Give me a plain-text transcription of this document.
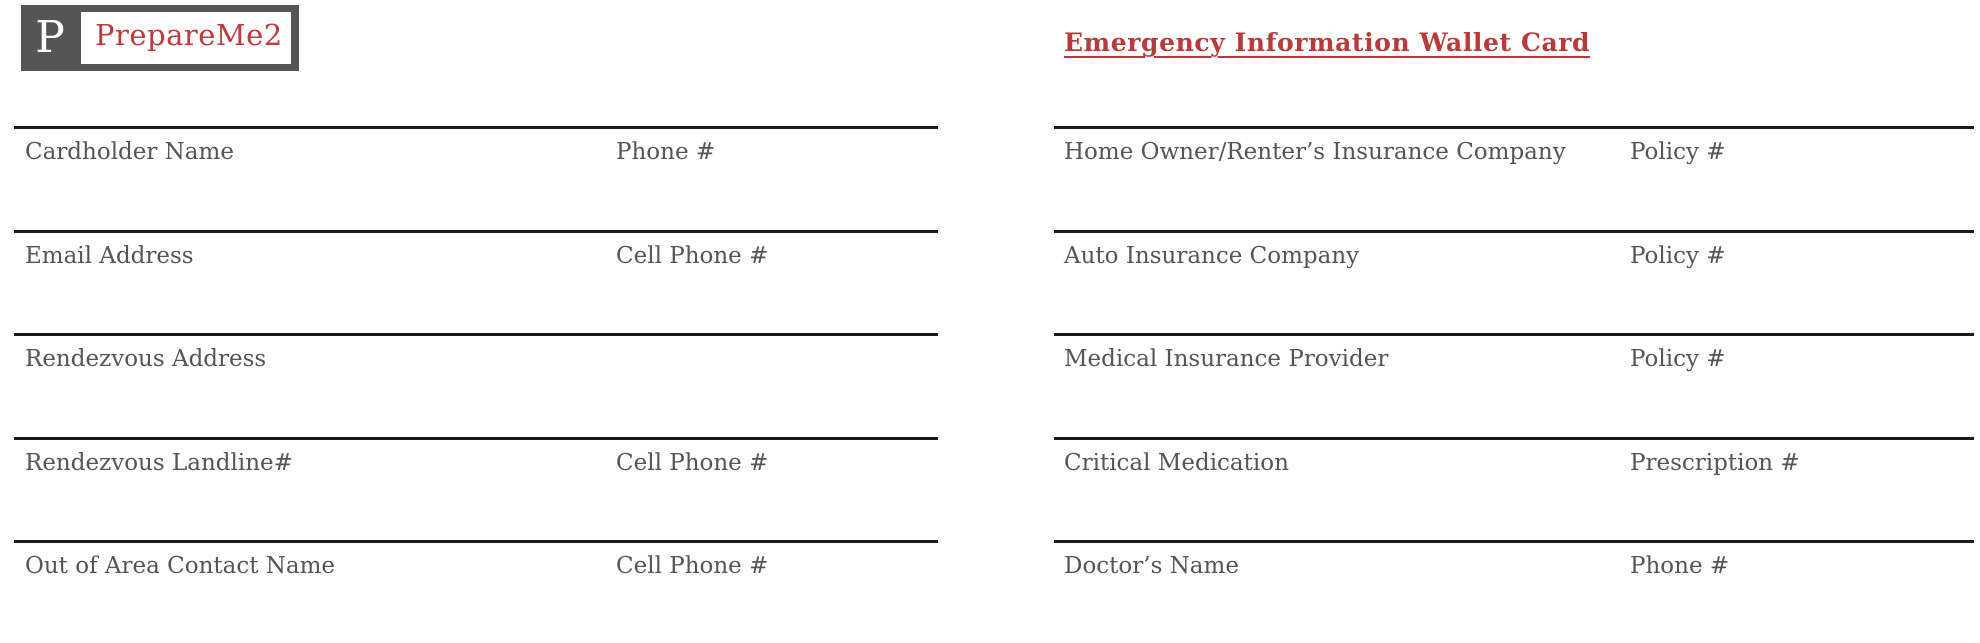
P	PrepareMe2	Emergency Information Wallet Card
Cardholder Name	Phone #
Email Address	Cell Phone #
Rendezvous Address
Rendezvous Landline#	Cell Phone #
Out of Area Contact Name	Cell Phone #
Home Owner/Renter’s Insurance Company	Policy #
Auto Insurance Company	Policy #
Medical Insurance Provider	Policy #
Critical Medication	Prescription #
Doctor’s Name	Phone #
